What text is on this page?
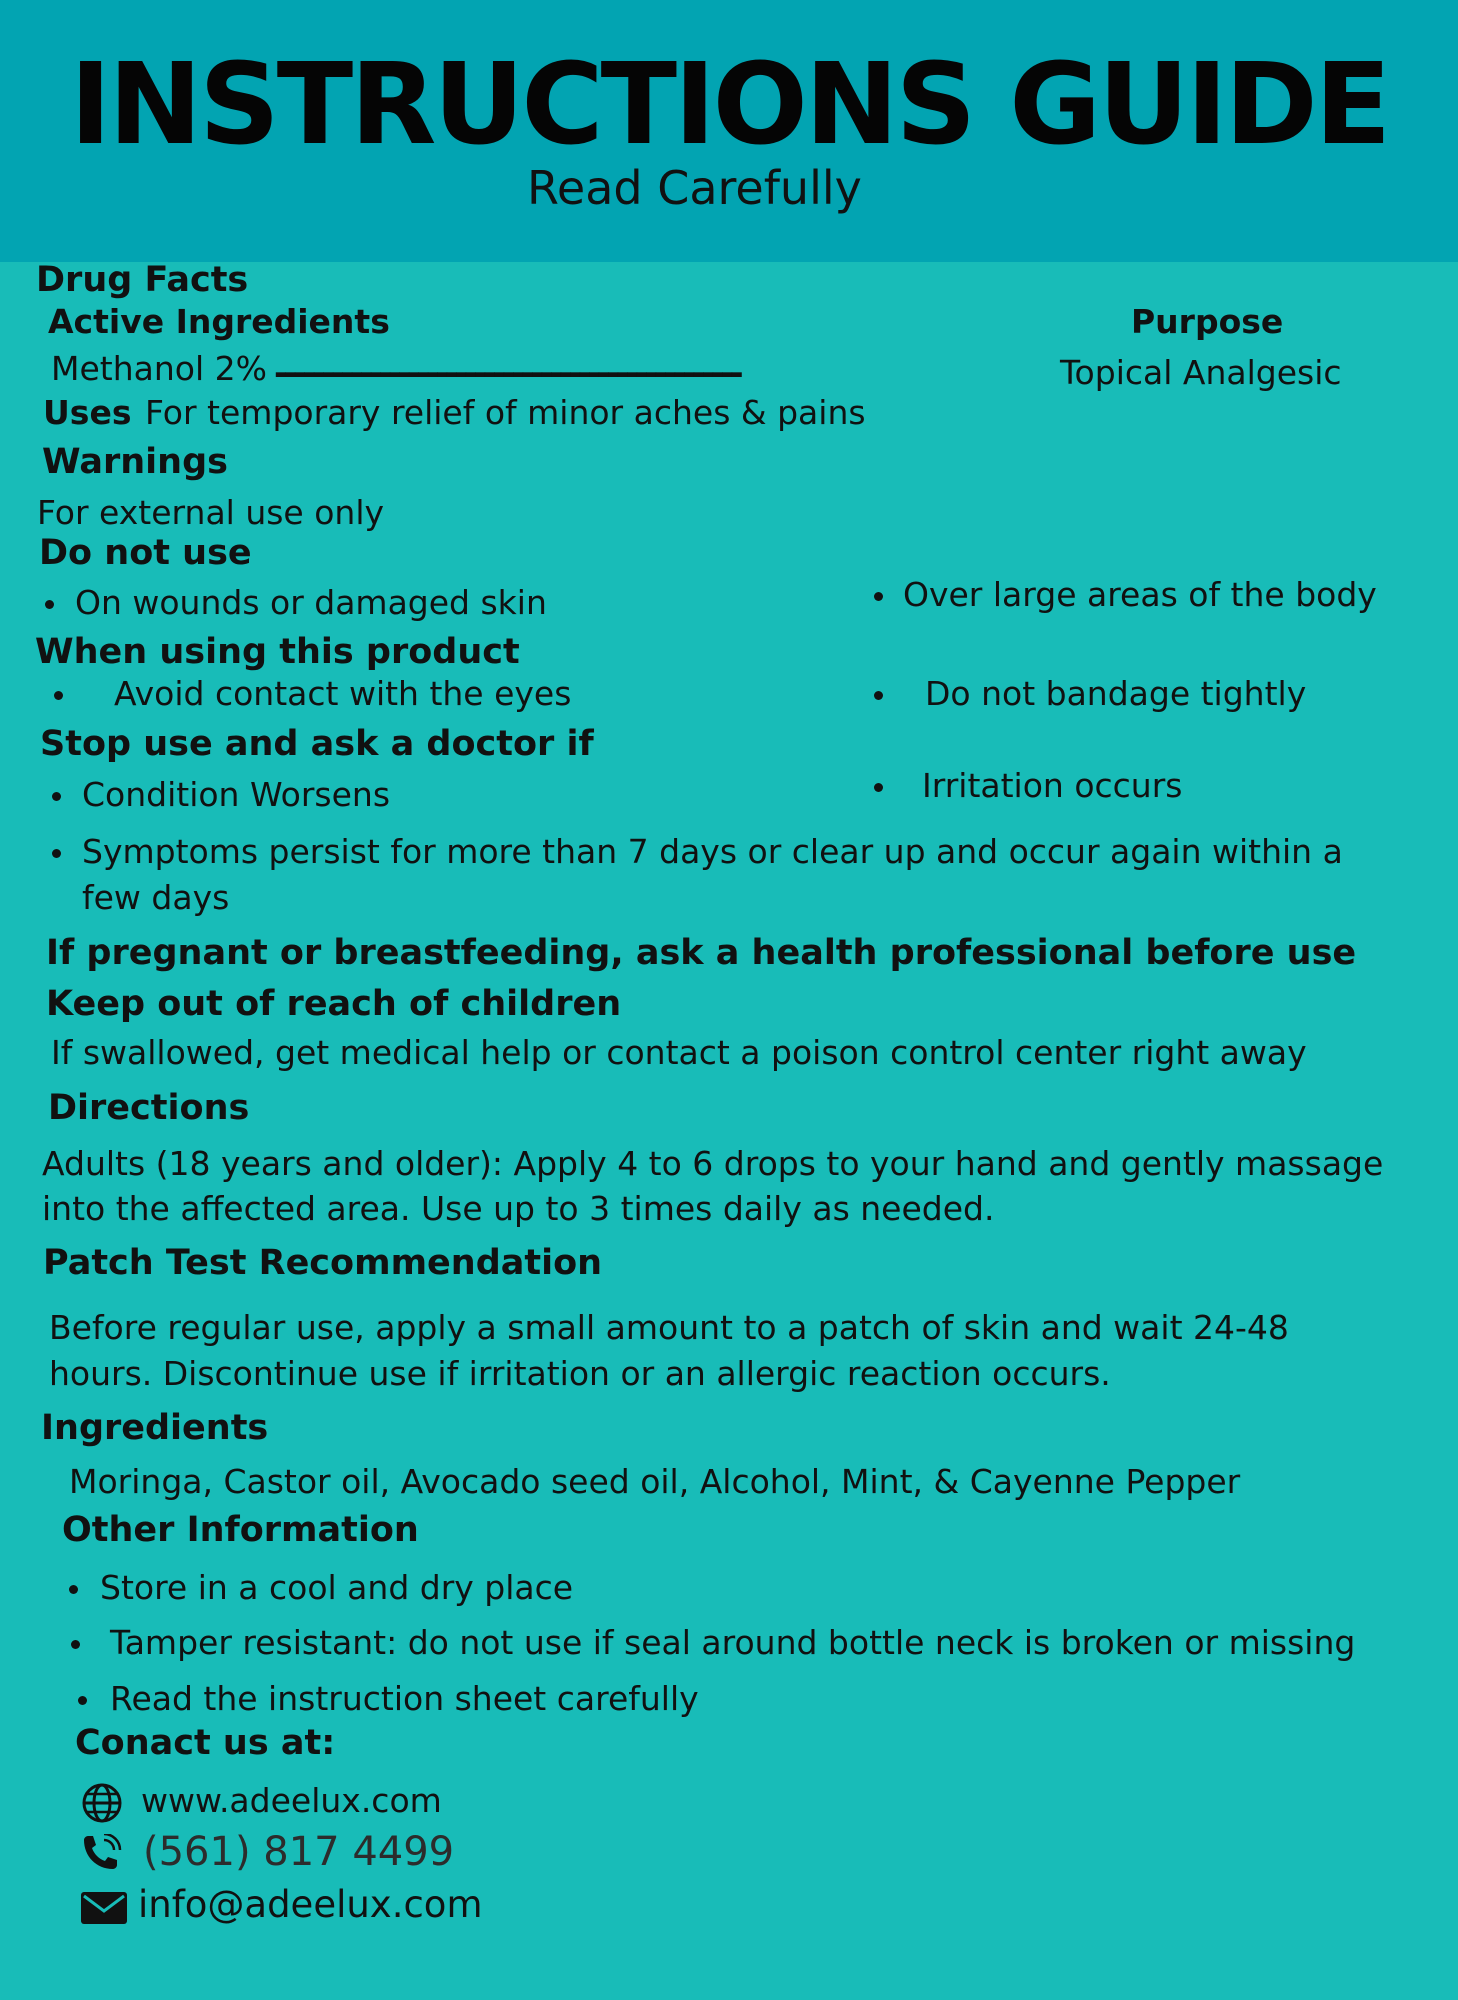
INSTRUCTIONS GUIDE
Read Carefully
Drug Facts
Active Ingredients	Purpose
Methanol 2% -------------------------------------------------	Topical Analgesic
Uses For temporary relief of minor aches & pains
Warnings
For external use only
Do not use
On wounds or damaged skin	Over large areas of the body
When using this product
Avoid contact with the eyes	Do not bandage tightly
Stop use and ask a doctor if
Condition Worsens	Irritation occurs
Symptoms persist for more than 7 days or clear up and occur again within a
few days
If pregnant or breastfeeding, ask a health professional before use
Keep out of reach of children
If swallowed, get medical help or contact a poison control center right away
Directions
Adults (18 years and older): Apply 4 to 6 drops to your hand and gently massage
into the affected area. Use up to 3 times daily as needed.
Patch Test Recommendation
Before regular use, apply a small amount to a patch of skin and wait 24-48
hours. Discontinue use if irritation or an allergic reaction occurs.
Ingredients
Moringa, Castor oil, Avocado seed oil, Alcohol, Mint, & Cayenne Pepper
Other Information
Store in a cool and dry place
Tamper resistant: do not use if seal around bottle neck is broken or missing
Read the instruction sheet carefully
Conact us at:
www.adeelux.com
(561) 817 4499
info@adeelux.com
